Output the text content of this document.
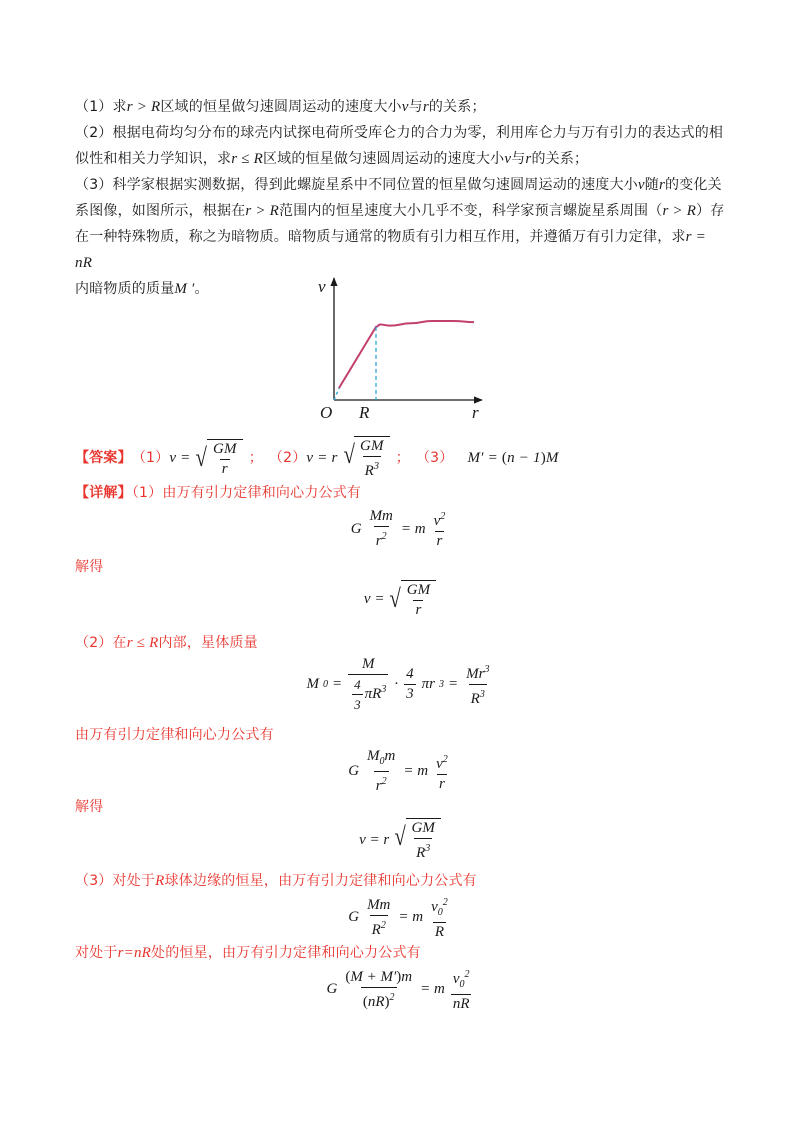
（1）求r > R区域的恒星做匀速圆周运动的速度大小v与r的关系；
（2）根据电荷均匀分布的球壳内试探电荷所受库仑力的合力为零，利用库仑力与万有引力的表达式的相
似性和相关力学知识，求r ≤ R区域的恒星做匀速圆周运动的速度大小v与r的关系；
（3）科学家根据实测数据，得到此螺旋星系中不同位置的恒星做匀速圆周运动的速度大小v随r的变化关
系图像，如图所示，根据在r > R范围内的恒星速度大小几乎不变，科学家预言螺旋星系周围（r > R）存
在一种特殊物质，称之为暗物质。暗物质与通常的物质有引力相互作用，并遵循万有引力定律，求r = nR
内暗物质的质量M ′。	v
r
O R
【答案】 （1） v = √ $\frac{GM}{r}$ ； （2） v = r √ $\frac{GM}{R^3}$ ； （3） M′ = (n − 1)M
【详解】（1）由万有引力定律和向心力公式有
G $\frac{Mm}{r^2} = m \frac{v^2}{r}$
解得
v = √ $\frac{GM}{r}$
（2）在r ≤ R内部，星体质量
M $0 = \frac{M}{\frac{4}{3} \pi R^3} \cdot \frac{4}{3}$ πr $3 = \frac{Mr^3}{R^3}$
由万有引力定律和向心力公式有
G $\frac{M_0m}{r^2} = m \frac{v^2}{r}$
解得
v = r √ $\frac{GM}{R^3}$
（3）对处于R球体边缘的恒星，由万有引力定律和向心力公式有
G $\frac{Mm}{R^2} = m \frac{v_0^2}{R}$
对处于r=nR处的恒星，由万有引力定律和向心力公式有
G $\frac{(M + M')m}{(nR)^2} = m \frac{v_0^2}{nR}$
